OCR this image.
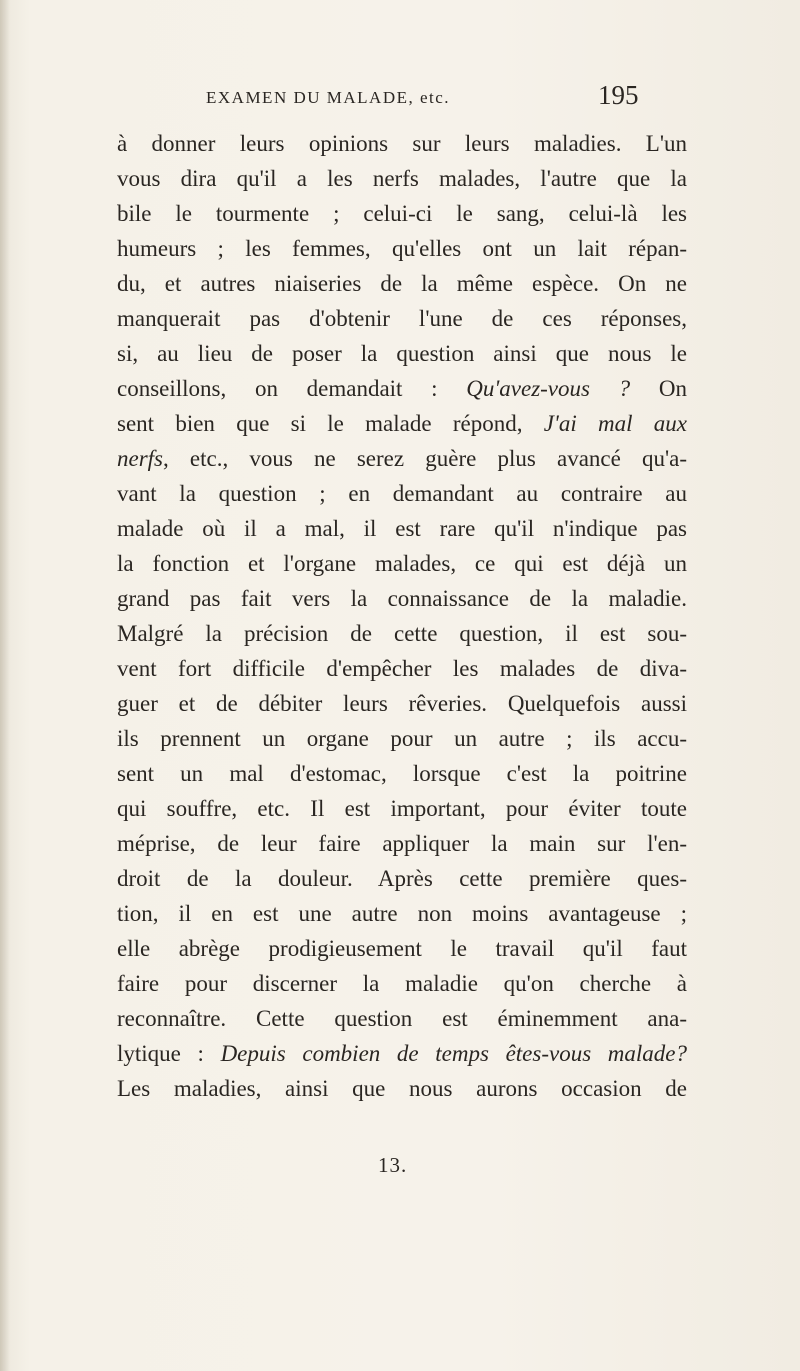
EXAMEN DU MALADE, etc.	195
à donner leurs opinions sur leurs maladies. L'un
vous dira qu'il a les nerfs malades, l'autre que la
bile le tourmente ; celui-ci le sang, celui-là les
humeurs ; les femmes, qu'elles ont un lait répan-
du, et autres niaiseries de la même espèce. On ne
manquerait pas d'obtenir l'une de ces réponses,
si, au lieu de poser la question ainsi que nous le
conseillons, on demandait : Qu'avez-vous ? On
sent bien que si le malade répond, J'ai mal aux
nerfs, etc., vous ne serez guère plus avancé qu'a-
vant la question ; en demandant au contraire au
malade où il a mal, il est rare qu'il n'indique pas
la fonction et l'organe malades, ce qui est déjà un
grand pas fait vers la connaissance de la maladie.
Malgré la précision de cette question, il est sou-
vent fort difficile d'empêcher les malades de diva-
guer et de débiter leurs rêveries. Quelquefois aussi
ils prennent un organe pour un autre ; ils accu-
sent un mal d'estomac, lorsque c'est la poitrine
qui souffre, etc. Il est important, pour éviter toute
méprise, de leur faire appliquer la main sur l'en-
droit de la douleur. Après cette première ques-
tion, il en est une autre non moins avantageuse ;
elle abrège prodigieusement le travail qu'il faut
faire pour discerner la maladie qu'on cherche à
reconnaître. Cette question est éminemment ana-
lytique : Depuis combien de temps êtes-vous malade?
Les maladies, ainsi que nous aurons occasion de
13.
